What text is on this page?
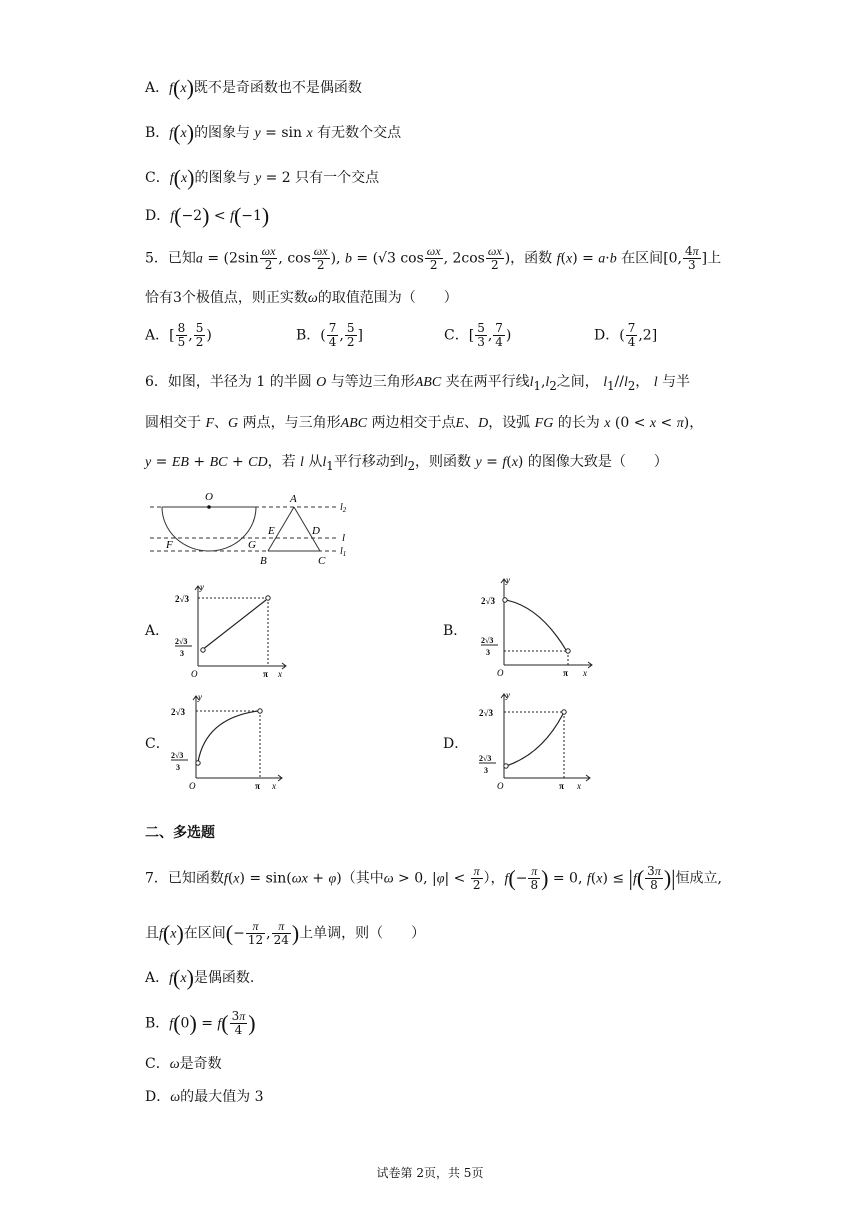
A．f(x)既不是奇函数也不是偶函数
B．f(x)的图象与 y = sin x 有无数个交点
C．f(x)的图象与 y = 2 只有一个交点
D．f(−2) < f(−1)
5．已知$a = (2\sin \frac{\omega x}{2}$ , $\cos \frac{\omega x}{2}$ ), b = (√3 $\cos \frac{\omega x}{2}$ , $2\cos \frac{\omega x}{2}$ )，函数 f(x) = a·b 在区间[0, $\frac{4\pi}{3}$ ]上
恰有3个极值点，则正实数ω的取值范围为（　　）
A．[ $\frac{8}{5}$ , $\frac{5}{2}$ )	B．( $\frac{7}{4}$ , $\frac{5}{2}$ ]	C．[ $\frac{5}{3}$ , $\frac{7}{4}$ )	D．( $\frac{7}{4} ,2$]
6．如图，半径为 1 的半圆 O 与等边三角形ABC 夹在两平行线$l_1,l_2$之间， $l_1//l_2$， l 与半
圆相交于 F、G 两点，与三角形ABC 两边相交于点E、D，设弧 FG 的长为 x (0 < x < π)，
y = EB + BC + CD，若 l 从$l_1$平行移动到$l_2$，则函数 y = f(x) 的图像大致是（　　）
O	A
$l_2$
E	D
l
$l_1$
F	G
B	C
A．	B．
C．	D．
y
2√3
2√3
3
O	π x
y
2√3
2√3
3
O	π x
y
2√3
2√3
3
O	π x
y
2√3
2√3
3
O	π x
二、多选题
7．已知函数f(x) = sin(ωx + φ)（其中ω > 0, $|\varphi| < \frac{\pi}{2}$ ），$f(- \frac{\pi}{8}$ ) = 0, $f(x) \le |f( \frac{3\pi}{8}$ )|恒成立,
且f(x)在区间(− $\frac{\pi}{12}$ , $\frac{\pi}{24}$ )上单调，则（　　）
A．f(x)是偶函数.
B．$f(0) = f( \frac{3\pi}{4}$ )
C．ω是奇数
D．ω的最大值为 3
试卷第 2页，共 5页
